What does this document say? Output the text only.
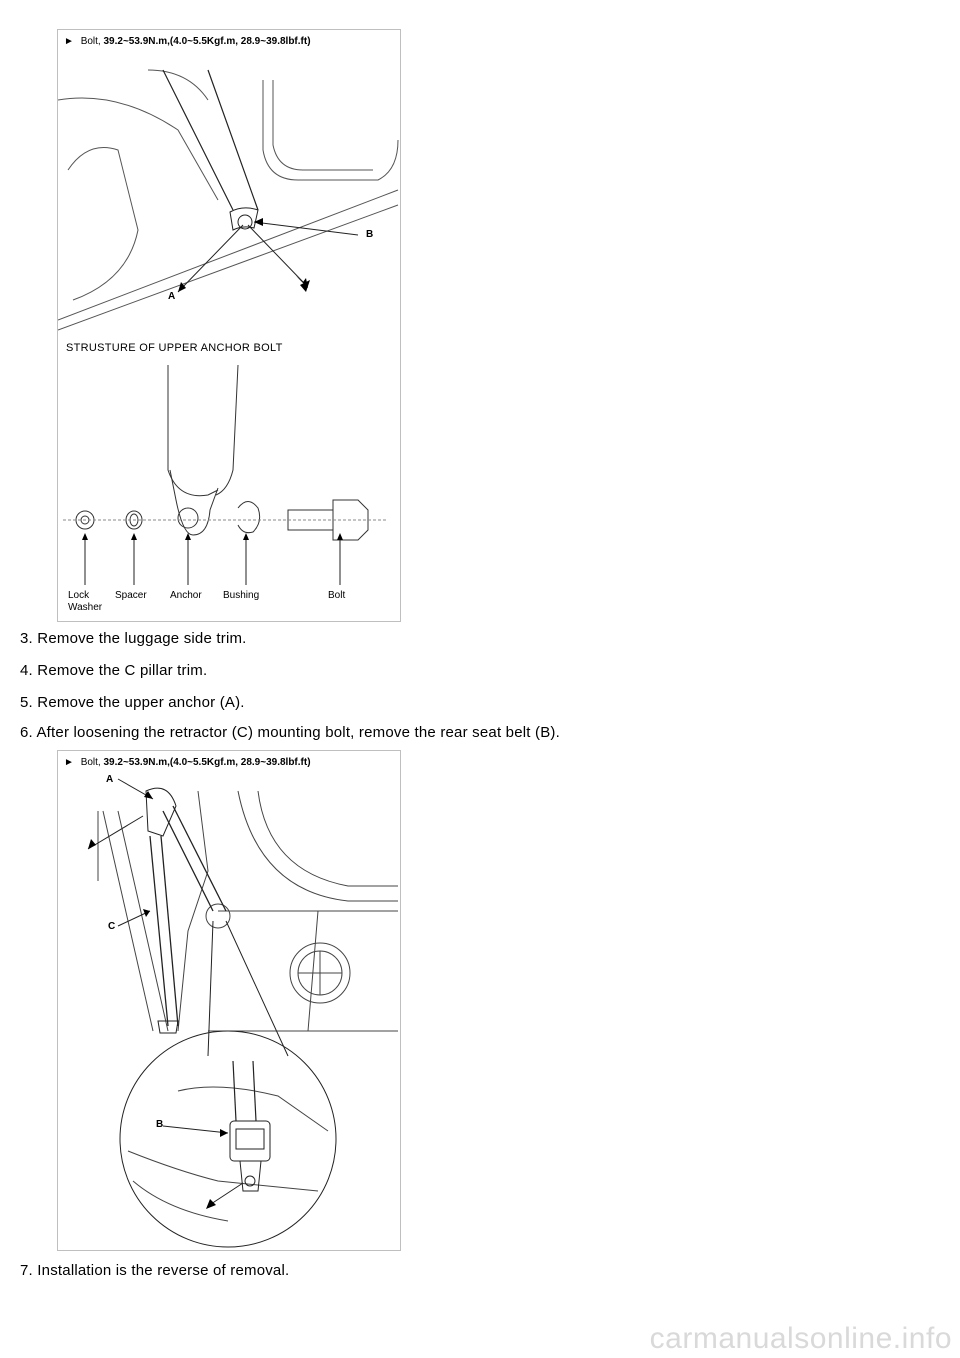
► Bolt, 39.2~53.9N.m,(4.0~5.5Kgf.m, 28.9~39.8lbf.ft)
B
A
STRUSTURE OF UPPER ANCHOR BOLT
Lock Washer
Spacer Anchor Bushing	Bolt
3. Remove the luggage side trim.
4. Remove the C pillar trim.
5. Remove the upper anchor (A).
6. After loosening the retractor (C) mounting bolt, remove the rear seat belt (B).
► Bolt, 39.2~53.9N.m,(4.0~5.5Kgf.m, 28.9~39.8lbf.ft)
A
C
B
7. Installation is the reverse of removal.
carmanualsonline.info
